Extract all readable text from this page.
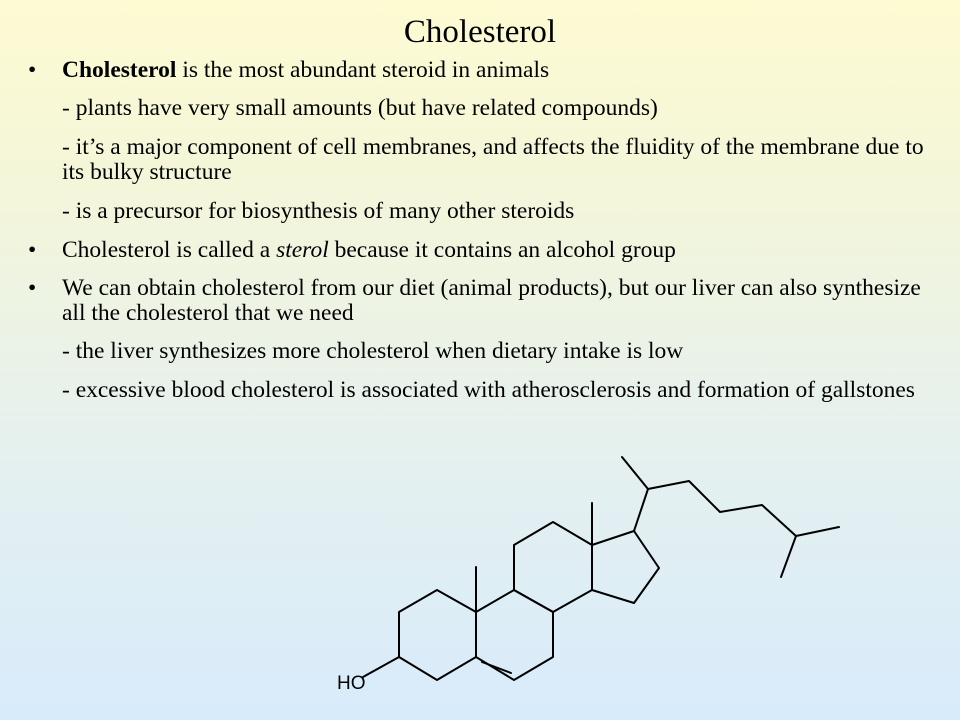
Cholesterol
• Cholesterol is the most abundant steroid in animals
- plants have very small amounts (but have related compounds)
- it’s a major component of cell membranes, and affects the fluidity of the membrane due to its bulky structure
- is a precursor for biosynthesis of many other steroids
• Cholesterol is called a sterol because it contains an alcohol group
• We can obtain cholesterol from our diet (animal products), but our liver can also synthesize all the cholesterol that we need
- the liver synthesizes more cholesterol when dietary intake is low
- excessive blood cholesterol is associated with atherosclerosis and formation of gallstones
HO
